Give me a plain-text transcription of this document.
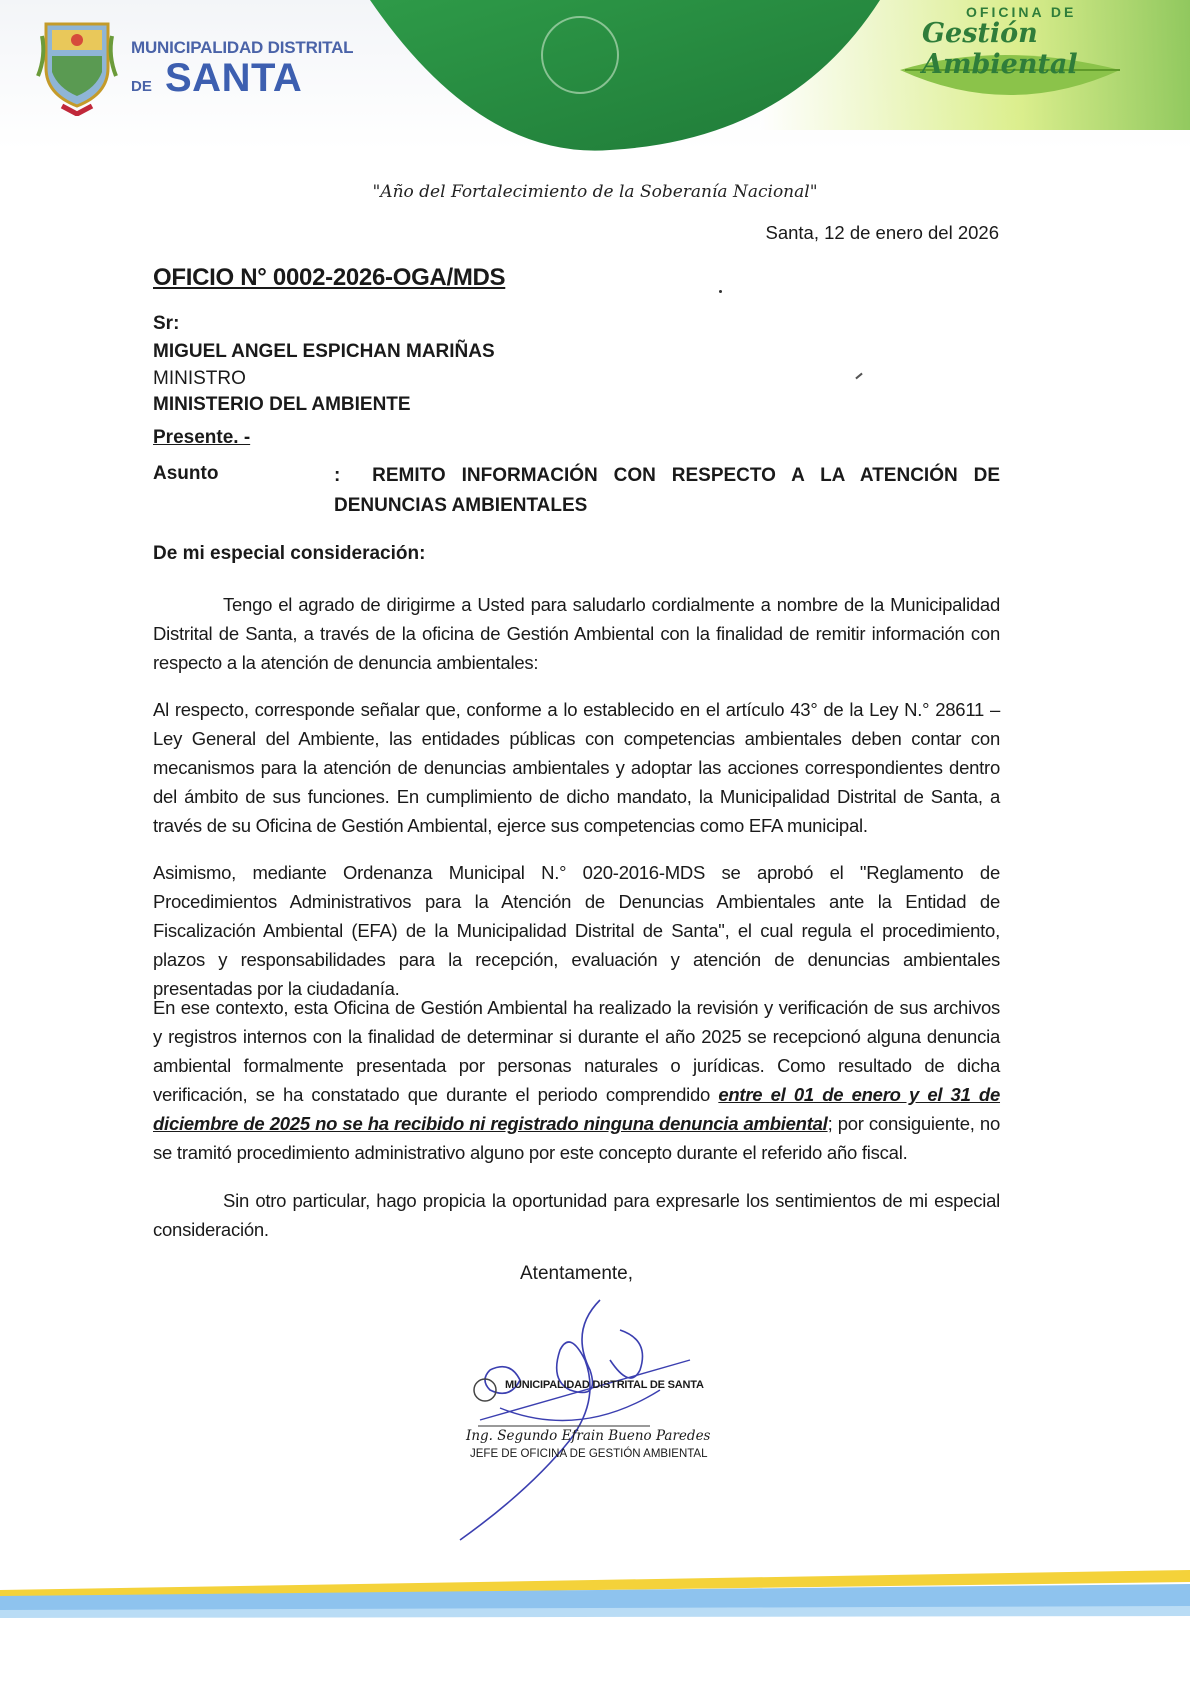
MUNICIPALIDAD DISTRITAL
DE SANTA
OFICINA DE
Gestión Ambiental
"Año del Fortalecimiento de la Soberanía Nacional"
Santa, 12 de enero del 2026
OFICIO N° 0002-2026-OGA/MDS
Sr:
MIGUEL ANGEL ESPICHAN MARIÑAS
MINISTRO
MINISTERIO DEL AMBIENTE
Presente. -
Asunto	: REMITO INFORMACIÓN CON RESPECTO A LA ATENCIÓN DE DENUNCIAS AMBIENTALES
De mi especial consideración:
Tengo el agrado de dirigirme a Usted para saludarlo cordialmente a nombre de la Municipalidad Distrital de Santa, a través de la oficina de Gestión Ambiental con la finalidad de remitir información con respecto a la atención de denuncia ambientales:
Al respecto, corresponde señalar que, conforme a lo establecido en el artículo 43° de la Ley N.° 28611 – Ley General del Ambiente, las entidades públicas con competencias ambientales deben contar con mecanismos para la atención de denuncias ambientales y adoptar las acciones correspondientes dentro del ámbito de sus funciones. En cumplimiento de dicho mandato, la Municipalidad Distrital de Santa, a través de su Oficina de Gestión Ambiental, ejerce sus competencias como EFA municipal.
Asimismo, mediante Ordenanza Municipal N.° 020-2016-MDS se aprobó el "Reglamento de Procedimientos Administrativos para la Atención de Denuncias Ambientales ante la Entidad de Fiscalización Ambiental (EFA) de la Municipalidad Distrital de Santa", el cual regula el procedimiento, plazos y responsabilidades para la recepción, evaluación y atención de denuncias ambientales presentadas por la ciudadanía.
En ese contexto, esta Oficina de Gestión Ambiental ha realizado la revisión y verificación de sus archivos y registros internos con la finalidad de determinar si durante el año 2025 se recepcionó alguna denuncia ambiental formalmente presentada por personas naturales o jurídicas. Como resultado de dicha verificación, se ha constatado que durante el periodo comprendido entre el 01 de enero y el 31 de diciembre de 2025 no se ha recibido ni registrado ninguna denuncia ambiental; por consiguiente, no se tramitó procedimiento administrativo alguno por este concepto durante el referido año fiscal.
Sin otro particular, hago propicia la oportunidad para expresarle los sentimientos de mi especial consideración.
Atentamente,
MUNICIPALIDAD DISTRITAL DE SANTA
Ing. Segundo Efrain Bueno Paredes
JEFE DE OFICINA DE GESTIÓN AMBIENTAL
